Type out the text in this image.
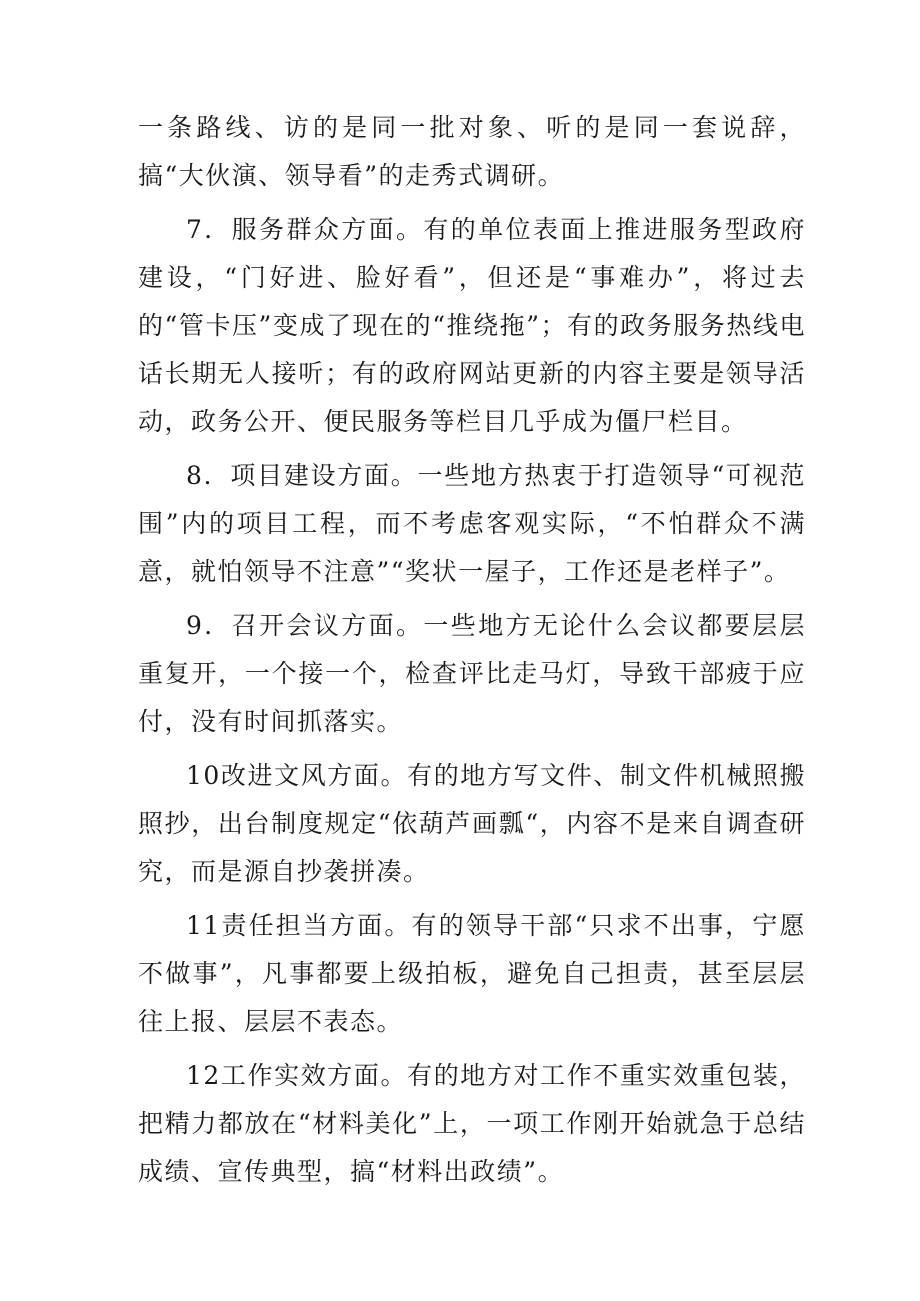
一条路线、访的是同一批对象、听的是同一套说辞，搞“大伙演、领导看”的走秀式调研。

7．服务群众方面。有的单位表面上推进服务型政府建设，“门好进、脸好看”，但还是“事难办”，将过去的“管卡压”变成了现在的“推绕拖”；有的政务服务热线电话长期无人接听；有的政府网站更新的内容主要是领导活动，政务公开、便民服务等栏目几乎成为僵尸栏目。

8．项目建设方面。一些地方热衷于打造领导“可视范围”内的项目工程，而不考虑客观实际，“不怕群众不满意，就怕领导不注意”“奖状一屋子，工作还是老样子”。

9．召开会议方面。一些地方无论什么会议都要层层重复开，一个接一个，检查评比走马灯，导致干部疲于应付，没有时间抓落实。

10改进文风方面。有的地方写文件、制文件机械照搬照抄，出台制度规定“依葫芦画瓢“，内容不是来自调查研究，而是源自抄袭拼凑。

11责任担当方面。有的领导干部“只求不出事，宁愿不做事”，凡事都要上级拍板，避免自己担责，甚至层层往上报、层层不表态。

12工作实效方面。有的地方对工作不重实效重包装，把精力都放在“材料美化”上，一项工作刚开始就急于总结成绩、宣传典型，搞“材料出政绩”。
